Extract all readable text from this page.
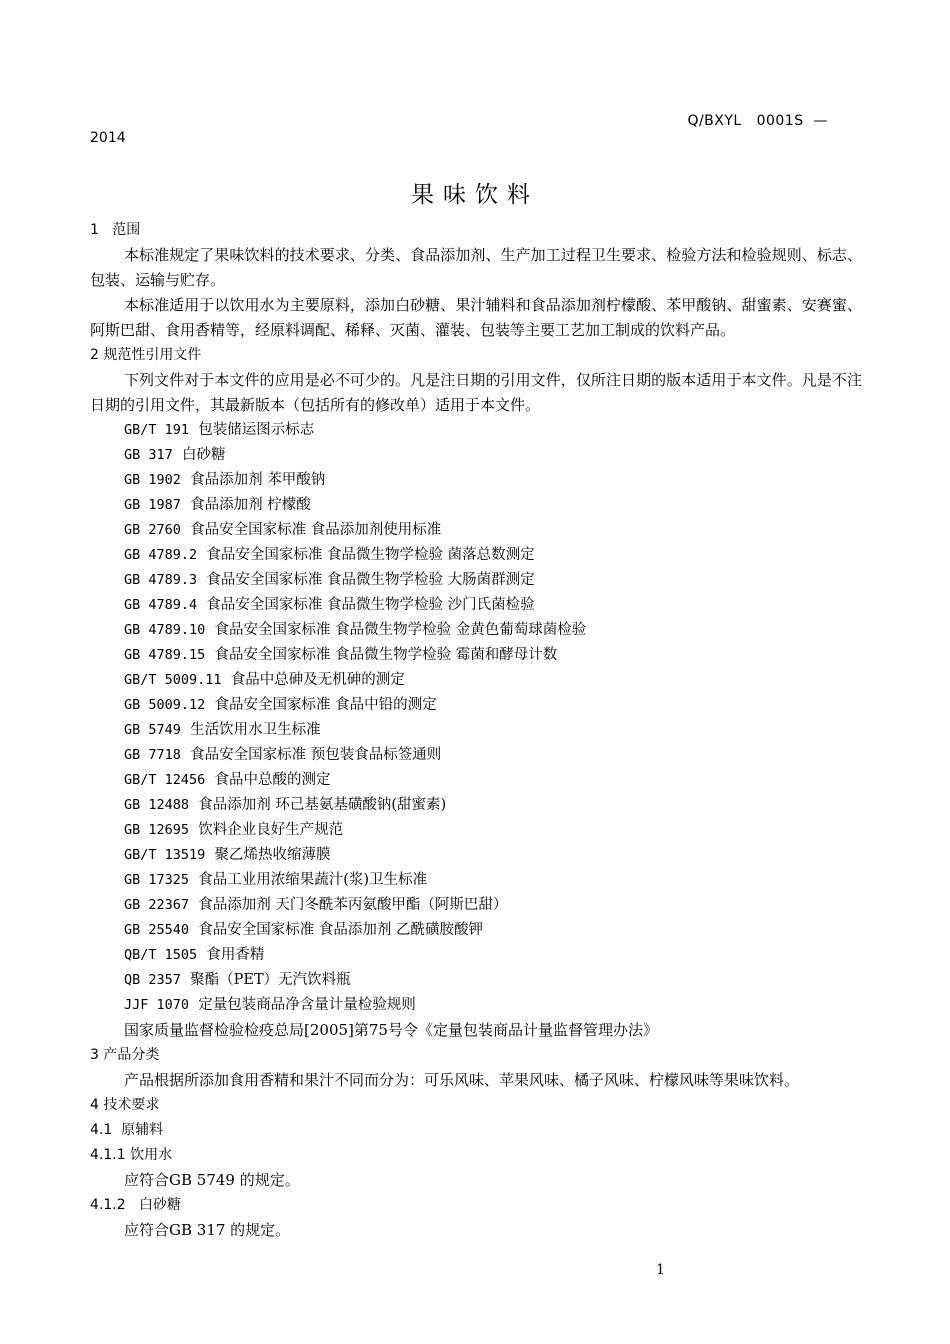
Q/BXYL   0001S  —
2014
果味饮料
1 范围
本标准规定了果味饮料的技术要求、分类、食品添加剂、生产加工过程卫生要求、检验方法和检验规则、标志、包装、运输与贮存。
本标准适用于以饮用水为主要原料，添加白砂糖、果汁辅料和食品添加剂柠檬酸、苯甲酸钠、甜蜜素、安赛蜜、阿斯巴甜、食用香精等，经原料调配、稀释、灭菌、灌装、包装等主要工艺加工制成的饮料产品。
2 规范性引用文件
下列文件对于本文件的应用是必不可少的。凡是注日期的引用文件，仅所注日期的版本适用于本文件。凡是不注日期的引用文件，其最新版本（包括所有的修改单）适用于本文件。
GB/T 191 包装储运图示标志
GB 317 白砂糖
GB 1902 食品添加剂 苯甲酸钠
GB 1987 食品添加剂 柠檬酸
GB 2760 食品安全国家标准 食品添加剂使用标准
GB 4789.2 食品安全国家标准 食品微生物学检验 菌落总数测定
GB 4789.3 食品安全国家标准 食品微生物学检验 大肠菌群测定
GB 4789.4 食品安全国家标准 食品微生物学检验 沙门氏菌检验
GB 4789.10 食品安全国家标准 食品微生物学检验 金黄色葡萄球菌检验
GB 4789.15 食品安全国家标准 食品微生物学检验 霉菌和酵母计数
GB/T 5009.11 食品中总砷及无机砷的测定
GB 5009.12 食品安全国家标准 食品中铅的测定
GB 5749 生活饮用水卫生标准
GB 7718 食品安全国家标准 预包装食品标签通则
GB/T 12456 食品中总酸的测定
GB 12488 食品添加剂 环己基氨基磺酸钠(甜蜜素)
GB 12695 饮料企业良好生产规范
GB/T 13519 聚乙烯热收缩薄膜
GB 17325 食品工业用浓缩果蔬汁(浆)卫生标准
GB 22367 食品添加剂 天门冬酰苯丙氨酸甲酯（阿斯巴甜）
GB 25540 食品安全国家标准 食品添加剂 乙酰磺胺酸钾
QB/T 1505 食用香精
QB 2357 聚酯（PET）无汽饮料瓶
JJF 1070 定量包装商品净含量计量检验规则
国家质量监督检验检疫总局[2005]第75号令《定量包装商品计量监督管理办法》
3 产品分类
产品根据所添加食用香精和果汁不同而分为：可乐风味、苹果风味、橘子风味、柠檬风味等果味饮料。
4 技术要求
4.1 原辅料
4.1.1 饮用水
应符合GB 5749 的规定。
4.1.2 白砂糖
应符合GB 317 的规定。
1
